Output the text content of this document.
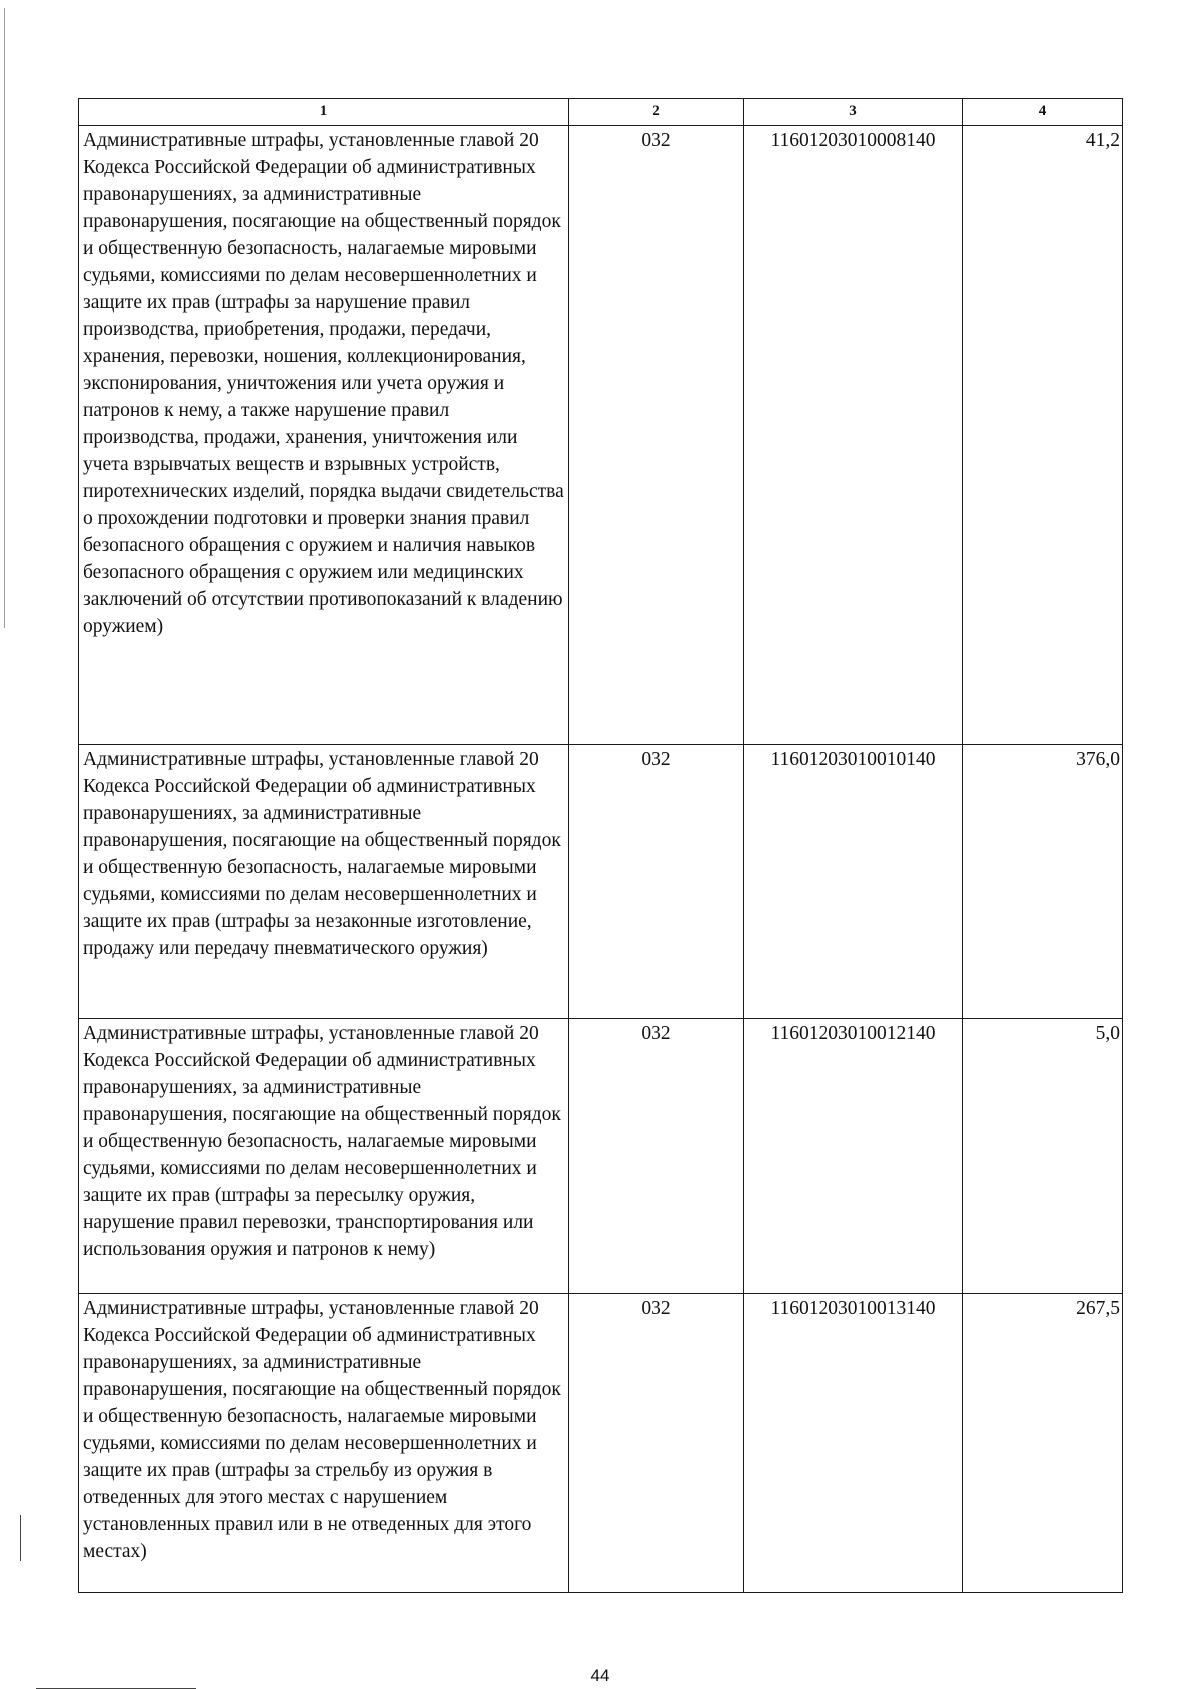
1	2	3	4

Административные штрафы, установленные главой 20 Кодекса Российской Федерации об административных правонарушениях, за административные правонарушения, посягающие на общественный порядок и общественную безопасность, налагаемые мировыми судьями, комиссиями по делам несовершеннолетних и защите их прав (штрафы за нарушение правил производства, приобретения, продажи, передачи, хранения, перевозки, ношения, коллекционирования, экспонирования, уничтожения или учета оружия и патронов к нему, а также нарушение правил производства, продажи, хранения, уничтожения или учета взрывчатых веществ и взрывных устройств, пиротехнических изделий, порядка выдачи свидетельства о прохождении подготовки и проверки знания правил безопасного обращения с оружием и наличия навыков безопасного обращения с оружием или медицинских заключений об отсутствии противопоказаний к владению оружием)	032	11601203010008140	41,2

Административные штрафы, установленные главой 20 Кодекса Российской Федерации об административных правонарушениях, за административные правонарушения, посягающие на общественный порядок и общественную безопасность, налагаемые мировыми судьями, комиссиями по делам несовершеннолетних и защите их прав (штрафы за незаконные изготовление, продажу или передачу пневматического оружия)	032	11601203010010140	376,0

Административные штрафы, установленные главой 20 Кодекса Российской Федерации об административных правонарушениях, за административные правонарушения, посягающие на общественный порядок и общественную безопасность, налагаемые мировыми судьями, комиссиями по делам несовершеннолетних и защите их прав (штрафы за пересылку оружия, нарушение правил перевозки, транспортирования или использования оружия и патронов к нему)	032	11601203010012140	5,0

Административные штрафы, установленные главой 20 Кодекса Российской Федерации об административных правонарушениях, за административные правонарушения, посягающие на общественный порядок и общественную безопасность, налагаемые мировыми судьями, комиссиями по делам несовершеннолетних и защите их прав (штрафы за стрельбу из оружия в отведенных для этого местах с нарушением установленных правил или в не отведенных для этого местах)	032	11601203010013140	267,5
44
